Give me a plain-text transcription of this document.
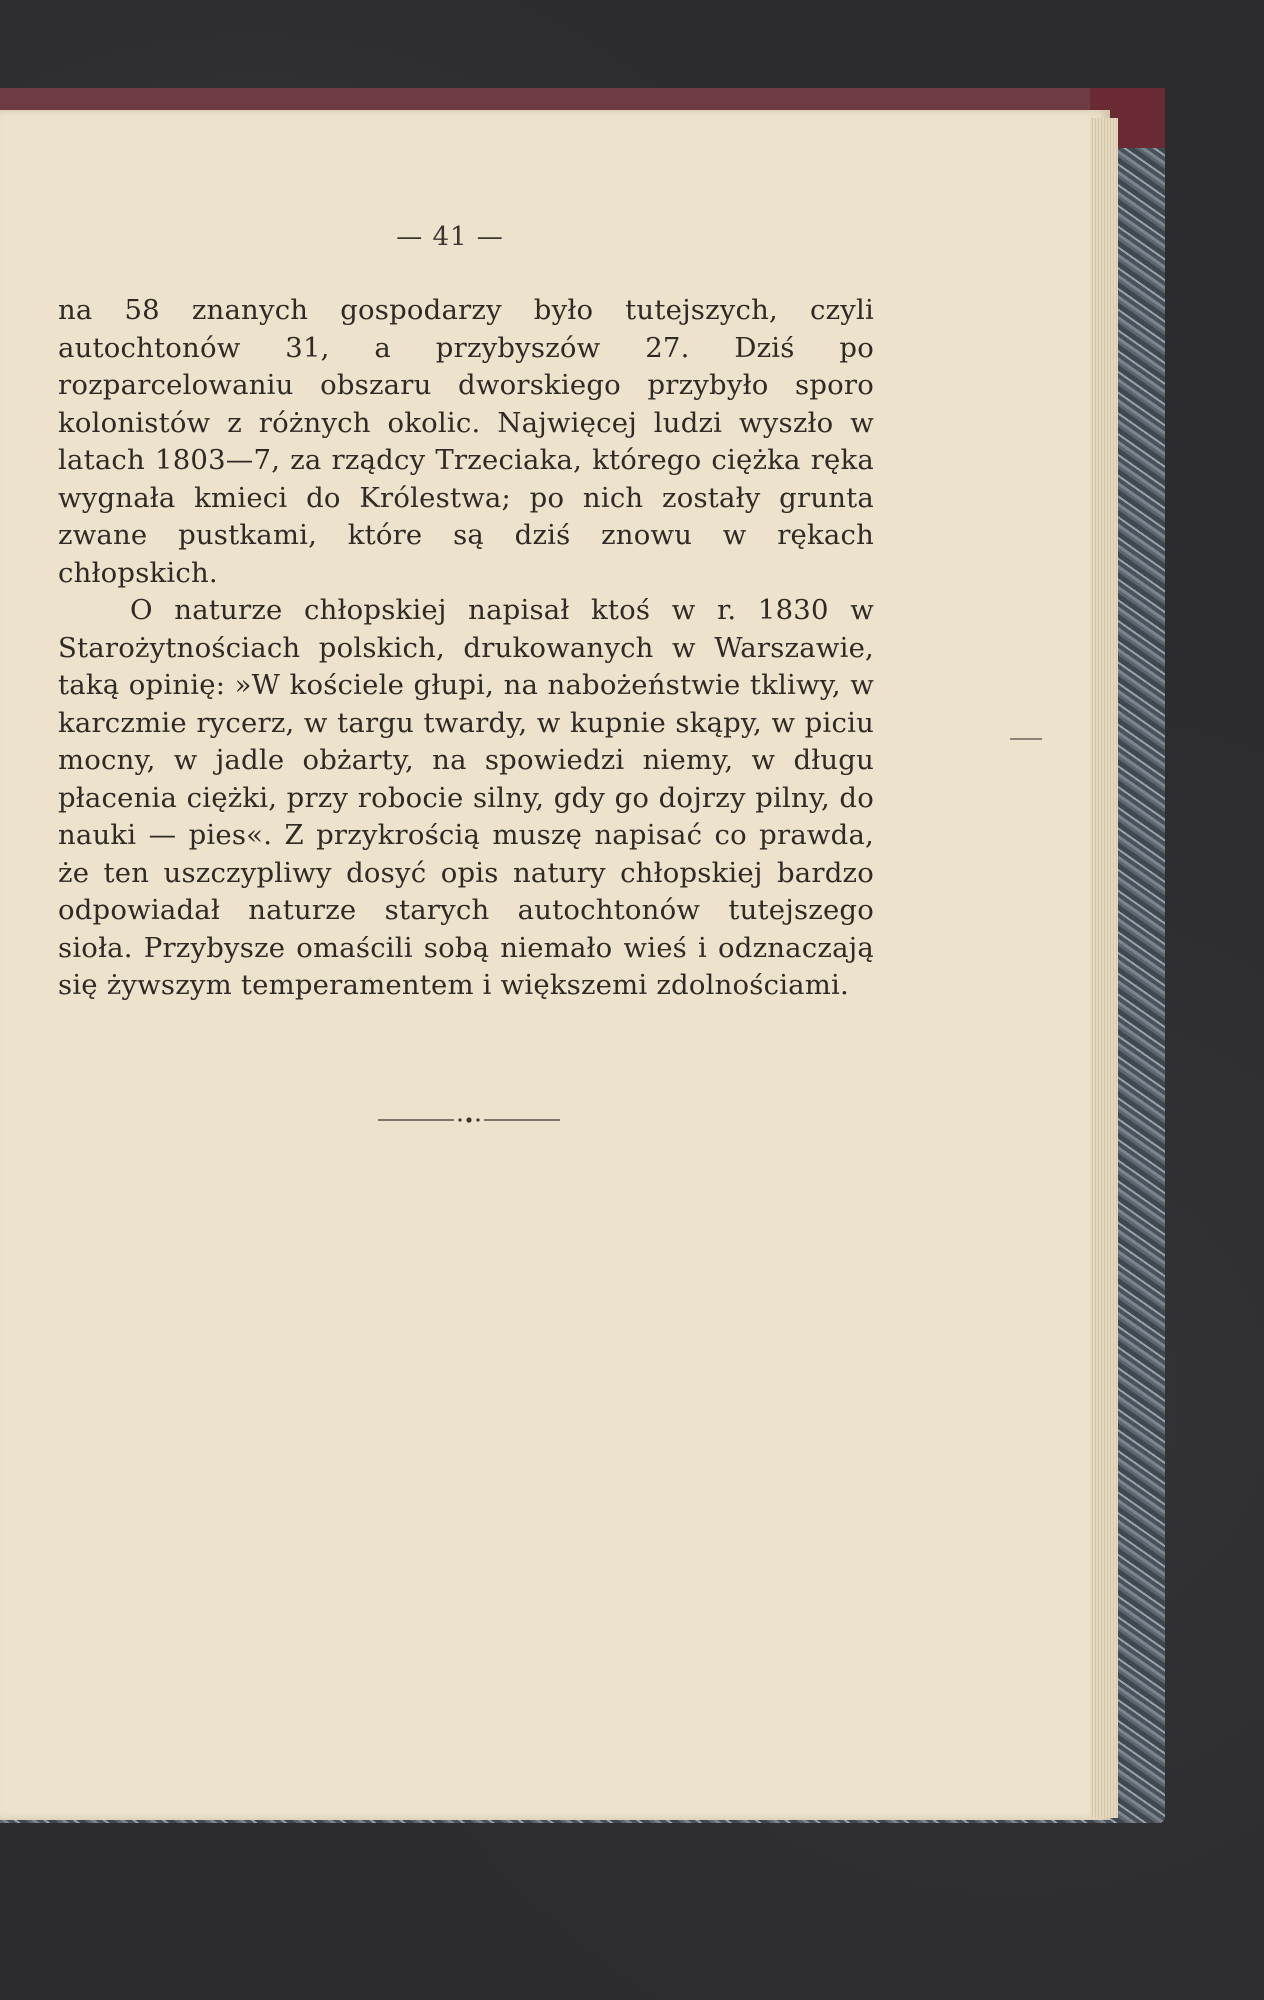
— 41 —

na 58 znanych gospodarzy było tutejszych, czyli autochtonów 31, a przybyszów 27. Dziś po rozparcelowaniu obszaru dworskiego przybyło sporo kolonistów z różnych okolic. Najwięcej ludzi wyszło w latach 1803—7, za rządcy Trzeciaka, którego ciężka ręka wygnała kmieci do Królestwa; po nich zostały grunta zwane pustkami, które są dziś znowu w rękach chłopskich.

O naturze chłopskiej napisał ktoś w r. 1830 w Starożytnościach polskich, drukowanych w Warszawie, taką opinię: »W kościele głupi, na nabożeństwie tkliwy, w karczmie rycerz, w targu twardy, w kupnie skąpy, w piciu mocny, w jadle obżarty, na spowiedzi niemy, w długu płacenia ciężki, przy robocie silny, gdy go dojrzy pilny, do nauki — pies«. Z przykrością muszę napisać co prawda, że ten uszczypliwy dosyć opis natury chłopskiej bardzo odpowiadał naturze starych autochtonów tutejszego sioła. Przybysze omaścili sobą niemało wieś i odznaczają się żywszym temperamentem i większemi zdolnościami.
